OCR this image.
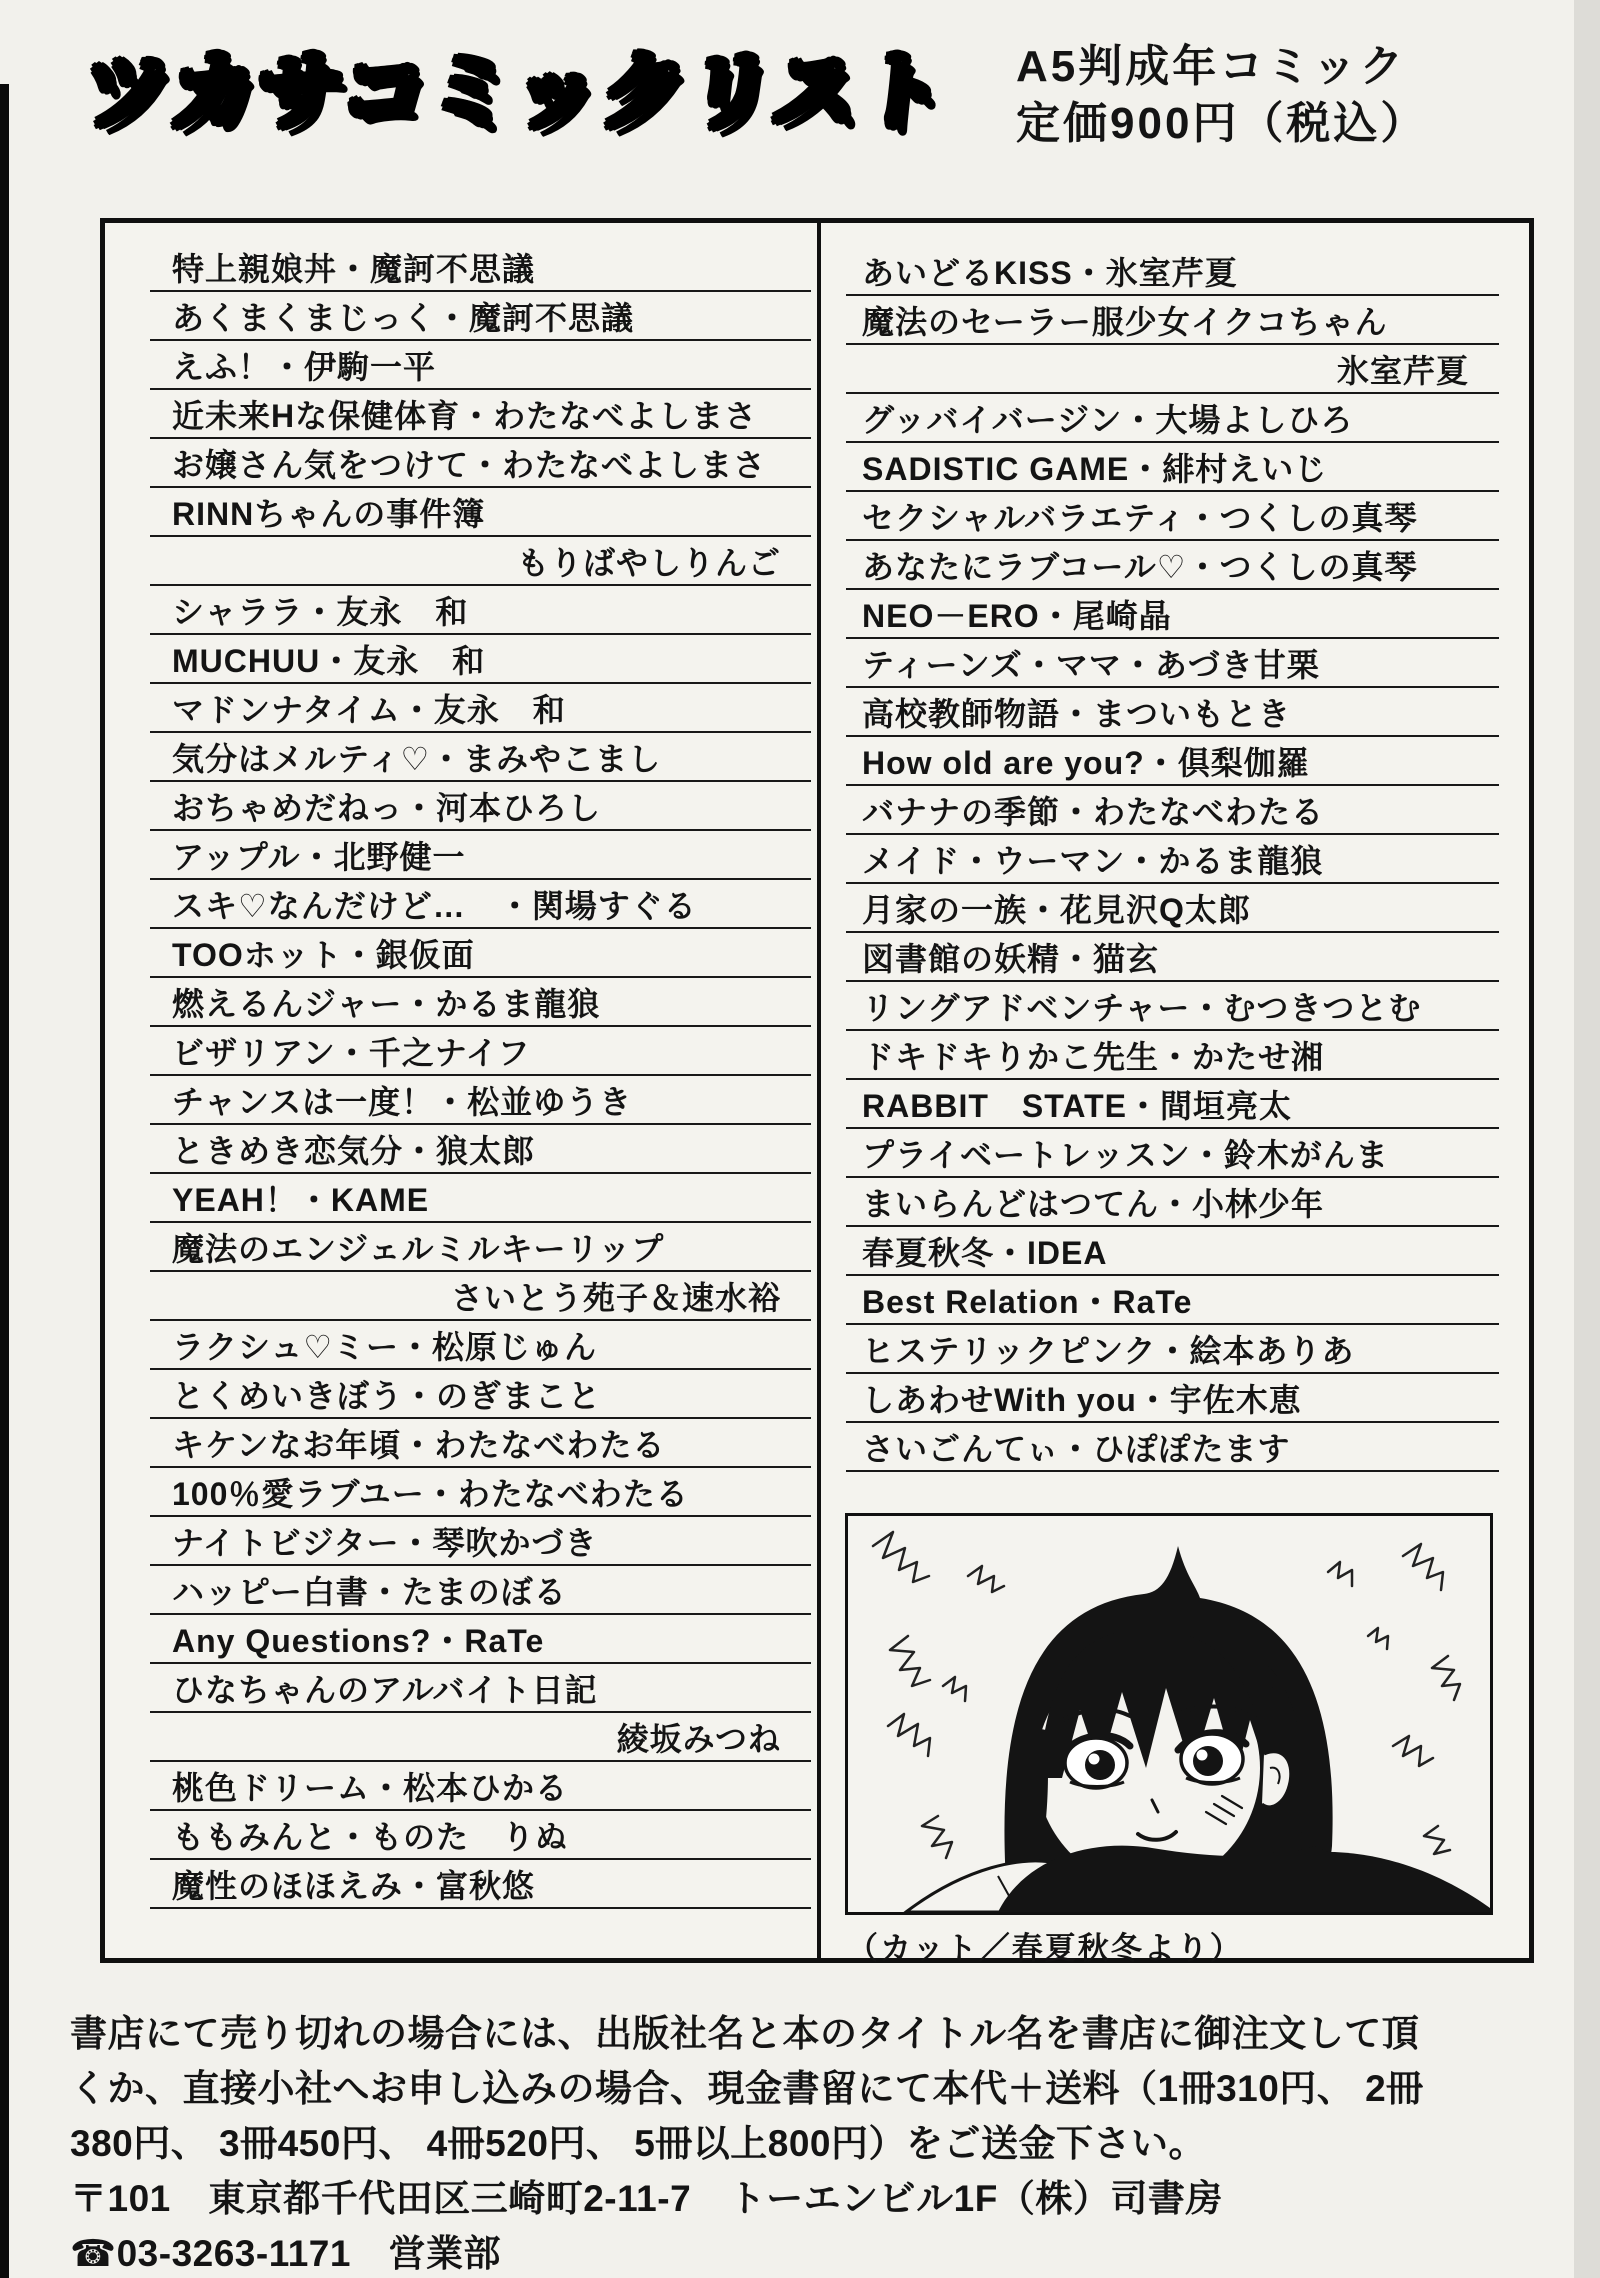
ツカサコミックリスト A5判成年コミック
定価900円（税込）
特上親娘丼・魔訶不思議
あくまくまじっく・魔訶不思議
えふ！・伊駒一平
近未来Hな保健体育・わたなべよしまさ
お嬢さん気をつけて・わたなべよしまさ
RINNちゃんの事件簿
もりばやしりんご
シャララ・友永　和
MUCHUU・友永　和
マドンナタイム・友永　和
気分はメルティ♡・まみやこまし
おちゃめだねっ・河本ひろし
アップル・北野健一
スキ♡なんだけど…　・関場すぐる
TOOホット・銀仮面
燃えるんジャー・かるま龍狼
ビザリアン・千之ナイフ
チャンスは一度！・松並ゆうき
ときめき恋気分・狼太郎
YEAH！・KAME
魔法のエンジェルミルキーリップ
さいとう苑子＆速水裕
ラクシュ♡ミー・松原じゅん
とくめいきぼう・のぎまこと
キケンなお年頃・わたなべわたる
100％愛ラブユー・わたなべわたる
ナイトビジター・琴吹かづき
ハッピー白書・たまのぼる
Any Questions?・RaTe
ひなちゃんのアルバイト日記
綾坂みつね
桃色ドリーム・松本ひかる
ももみんと・ものた　りぬ
魔性のほほえみ・富秋悠
あいどるKISS・氷室芹夏
魔法のセーラー服少女イクコちゃん
氷室芹夏
グッバイバージン・大場よしひろ
SADISTIC GAME・緋村えいじ
セクシャルバラエティ・つくしの真琴
あなたにラブコール♡・つくしの真琴
NEO－ERO・尾崎晶
ティーンズ・ママ・あづき甘栗
高校教師物語・まついもとき
How old are you?・倶梨伽羅
バナナの季節・わたなべわたる
メイド・ウーマン・かるま龍狼
月家の一族・花見沢Q太郎
図書館の妖精・猫玄
リングアドベンチャー・むつきつとむ
ドキドキりかこ先生・かたせ湘
RABBIT　STATE・間垣亮太
プライベートレッスン・鈴木がんま
まいらんどはつてん・小林少年
春夏秋冬・IDEA
Best Relation・RaTe
ヒステリックピンク・絵本ありあ
しあわせWith you・宇佐木恵
さいごんてぃ・ひぽぽたます
（カット／春夏秋冬より）
書店にて売り切れの場合には、出版社名と本のタイトル名を書店に御注文して頂
くか、直接小社へお申し込みの場合、現金書留にて本代＋送料（1冊310円、 2冊
380円、 3冊450円、 4冊520円、 5冊以上800円）をご送金下さい。
〒101　東京都千代田区三崎町2-11-7　トーエンビル1F（株）司書房
☎03-3263-1171　営業部
